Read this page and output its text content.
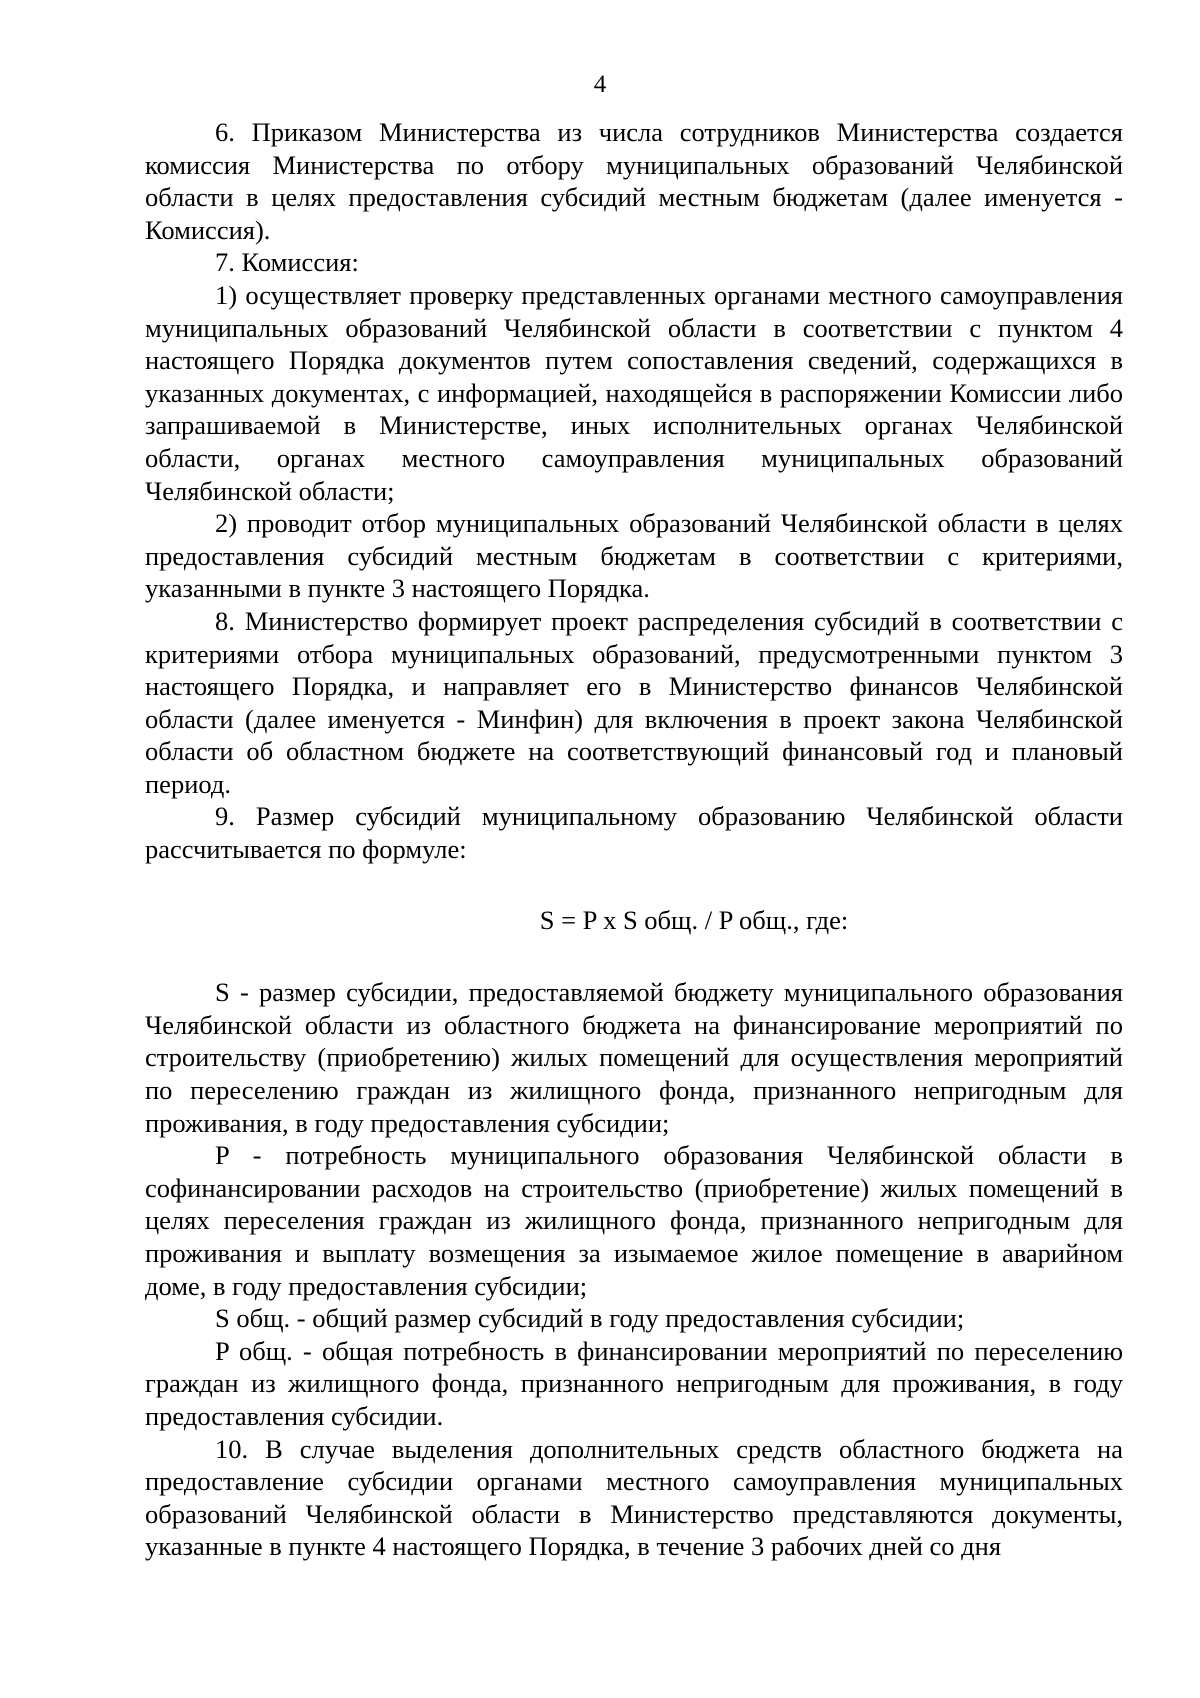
4

6. Приказом Министерства из числа сотрудников Министерства создается комиссия Министерства по отбору муниципальных образований Челябинской области в целях предоставления субсидий местным бюджетам (далее именуется - Комиссия).

7. Комиссия:

1) осуществляет проверку представленных органами местного самоуправления муниципальных образований Челябинской области в соответствии с пунктом 4 настоящего Порядка документов путем сопоставления сведений, содержащихся в указанных документах, с информацией, находящейся в распоряжении Комиссии либо запрашиваемой в Министерстве, иных исполнительных органах Челябинской области, органах местного самоуправления муниципальных образований Челябинской области;

2) проводит отбор муниципальных образований Челябинской области в целях предоставления субсидий местным бюджетам в соответствии с критериями, указанными в пункте 3 настоящего Порядка.

8. Министерство формирует проект распределения субсидий в соответствии с критериями отбора муниципальных образований, предусмотренными пунктом 3 настоящего Порядка, и направляет его в Министерство финансов Челябинской области (далее именуется - Минфин) для включения в проект закона Челябинской области об областном бюджете на соответствующий финансовый год и плановый период.

9. Размер субсидий муниципальному образованию Челябинской области рассчитывается по формуле:

S = P x S общ. / P общ., где:

S - размер субсидии, предоставляемой бюджету муниципального образования Челябинской области из областного бюджета на финансирование мероприятий по строительству (приобретению) жилых помещений для осуществления мероприятий по переселению граждан из жилищного фонда, признанного непригодным для проживания, в году предоставления субсидии;

P - потребность муниципального образования Челябинской области в софинансировании расходов на строительство (приобретение) жилых помещений в целях переселения граждан из жилищного фонда, признанного непригодным для проживания и выплату возмещения за изымаемое жилое помещение в аварийном доме, в году предоставления субсидии;

S общ. - общий размер субсидий в году предоставления субсидии;

P общ. - общая потребность в финансировании мероприятий по переселению граждан из жилищного фонда, признанного непригодным для проживания, в году предоставления субсидии.

10. В случае выделения дополнительных средств областного бюджета на предоставление субсидии органами местного самоуправления муниципальных образований Челябинской области в Министерство представляются документы, указанные в пункте 4 настоящего Порядка, в течение 3 рабочих дней со дня
